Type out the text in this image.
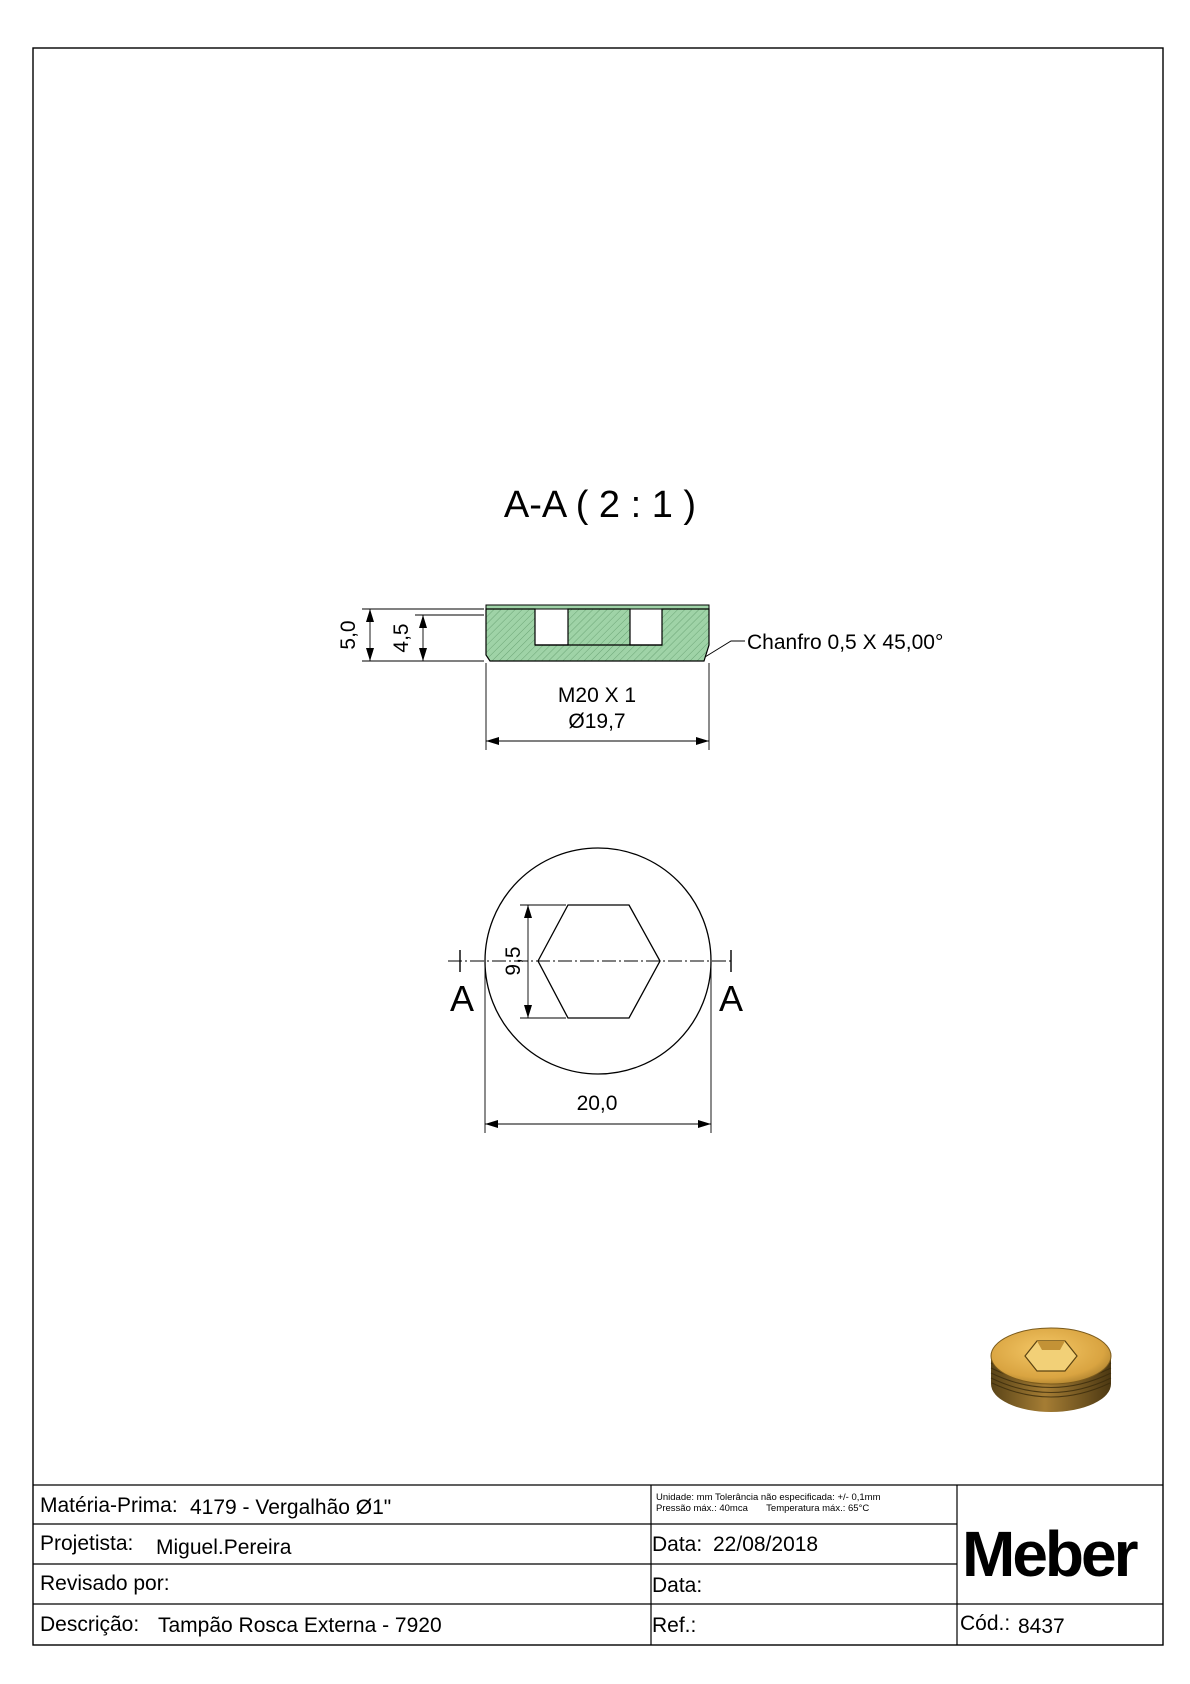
A-A ( 2 : 1 )
5,0 4,5	Chanfro 0,5 X 45,00°
M20 X 1
Ø19,7
A	A
9,5
20,0
Matéria-Prima: 4179 - Vergalhão Ø1"
Projetista: Miguel.Pereira
Revisado por:
Descrição: Tampão Rosca Externa - 7920
Unidade: mm Tolerância não especificada: +/- 0,1mm
Pressão máx.: 40mca       Temperatura máx.: 65°C
Data: 22/08/2018
Data:
Ref.:	Cód.: 8437
Meber
